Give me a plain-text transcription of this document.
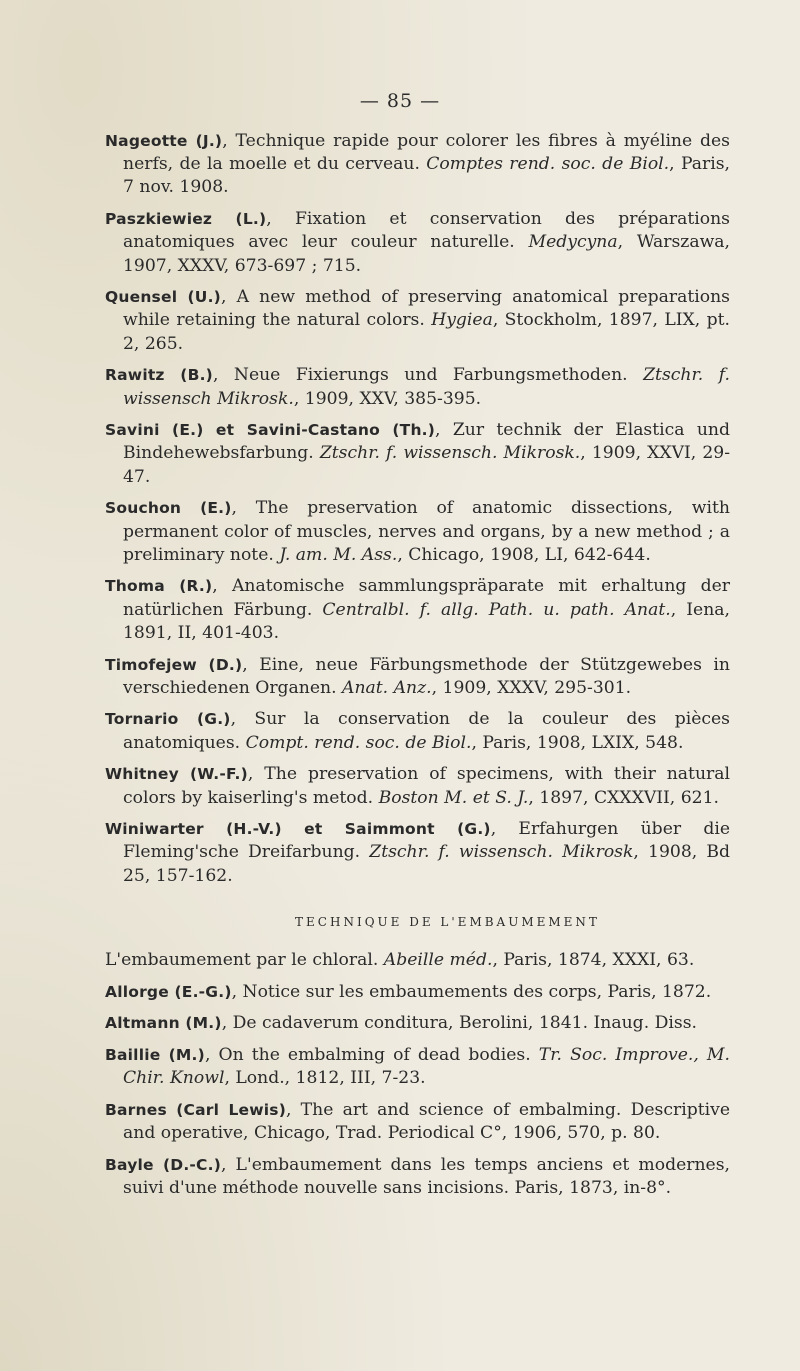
— 85 —

Nageotte (J.), Technique rapide pour colorer les fibres à myéline des nerfs, de la moelle et du cerveau. Comptes rend. soc. de Biol., Paris, 7 nov. 1908.

Paszkiewiez (L.), Fixation et conservation des préparations anatomiques avec leur couleur naturelle. Medycyna, Warszawa, 1907, XXXV, 673-697 ; 715.

Quensel (U.), A new method of preserving anatomical preparations while retaining the natural colors. Hygiea, Stockholm, 1897, LIX, pt. 2, 265.

Rawitz (B.), Neue Fixierungs und Farbungsmethoden. Ztschr. f. wissensch Mikrosk., 1909, XXV, 385-395.

Savini (E.) et Savini-Castano (Th.), Zur technik der Elastica und Bindehewebsfarbung. Ztschr. f. wissensch. Mikrosk., 1909, XXVI, 29-47.

Souchon (E.), The preservation of anatomic dissections, with permanent color of muscles, nerves and organs, by a new method ; a preliminary note. J. am. M. Ass., Chicago, 1908, LI, 642-644.

Thoma (R.), Anatomische sammlungspräparate mit erhaltung der natürlichen Färbung. Centralbl. f. allg. Path. u. path. Anat., Iena, 1891, II, 401-403.

Timofejew (D.), Eine, neue Färbungsmethode der Stützgewebes in verschiedenen Organen. Anat. Anz., 1909, XXXV, 295-301.

Tornario (G.), Sur la conservation de la couleur des pièces anatomiques. Compt. rend. soc. de Biol., Paris, 1908, LXIX, 548.

Whitney (W.-F.), The preservation of specimens, with their natural colors by kaiserling's metod. Boston M. et S. J., 1897, CXXXVII, 621.

Winiwarter (H.-V.) et Saimmont (G.), Erfahurgen über die Fleming'sche Dreifarbung. Ztschr. f. wissensch. Mikrosk, 1908, Bd 25, 157-162.

TECHNIQUE DE L'EMBAUMEMENT

L'embaumement par le chloral. Abeille méd., Paris, 1874, XXXI, 63.

Allorge (E.-G.), Notice sur les embaumements des corps, Paris, 1872.

Altmann (M.), De cadaverum conditura, Berolini, 1841. Inaug. Diss.

Baillie (M.), On the embalming of dead bodies. Tr. Soc. Improve., M. Chir. Knowl, Lond., 1812, III, 7-23.

Barnes (Carl Lewis), The art and science of embalming. Descriptive and operative, Chicago, Trad. Periodical C°, 1906, 570, p. 80.

Bayle (D.-C.), L'embaumement dans les temps anciens et modernes, suivi d'une méthode nouvelle sans incisions. Paris, 1873, in-8°.
